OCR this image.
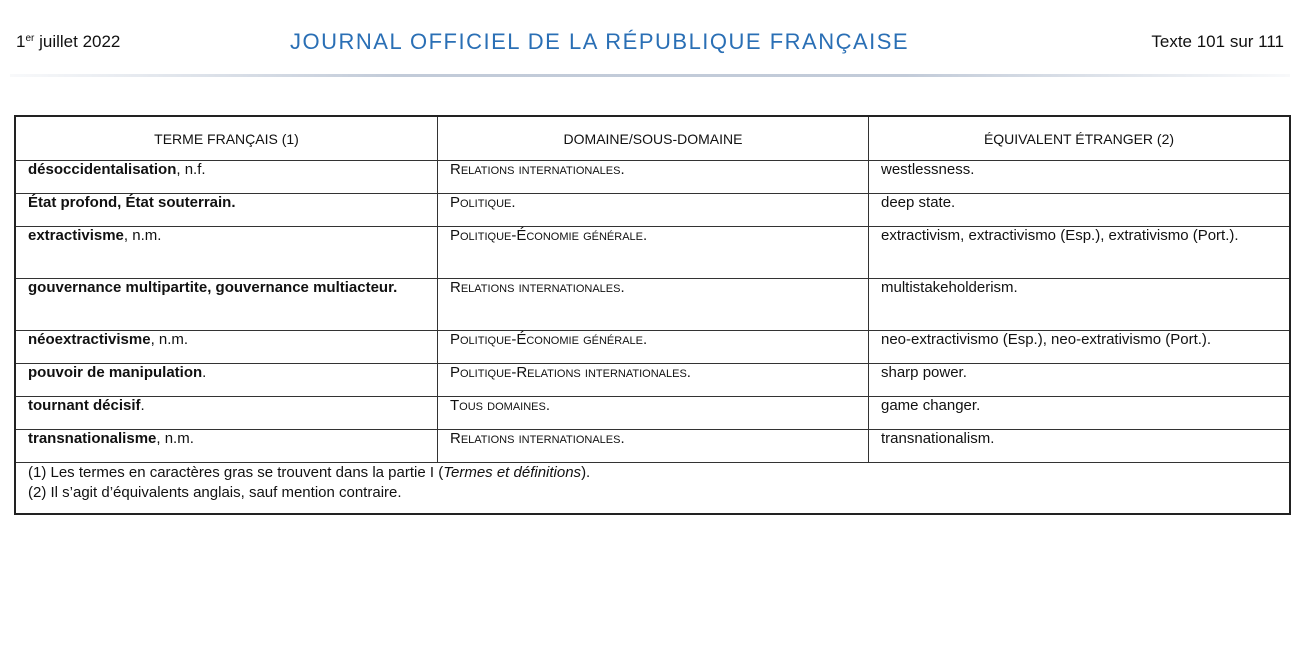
1er juillet 2022	JOURNAL OFFICIEL DE LA RÉPUBLIQUE FRANÇAISE	Texte 101 sur 111
TERME FRANÇAIS (1)	DOMAINE/SOUS-DOMAINE	ÉQUIVALENT ÉTRANGER (2)

désoccidentalisation, n.f.	Relations internationales.	westlessness.

État profond, État souterrain.	Politique.	deep state.

extractivisme, n.m.	Politique-Économie générale.	extractivism, extractivismo (Esp.), extrativismo (Port.).

gouvernance multipartite, gouvernance multiacteur.	Relations internationales.	multistakeholderism.

néoextractivisme, n.m.	Politique-Économie générale.	neo-extractivismo (Esp.), neo-extrativismo (Port.).

pouvoir de manipulation.	Politique-Relations internationales.	sharp power.

tournant décisif.	Tous domaines.	game changer.

transnationalisme, n.m.	Relations internationales.	transnationalism.

(1) Les termes en caractères gras se trouvent dans la partie I (Termes et définitions).
(2) Il s’agit d’équivalents anglais, sauf mention contraire.		
